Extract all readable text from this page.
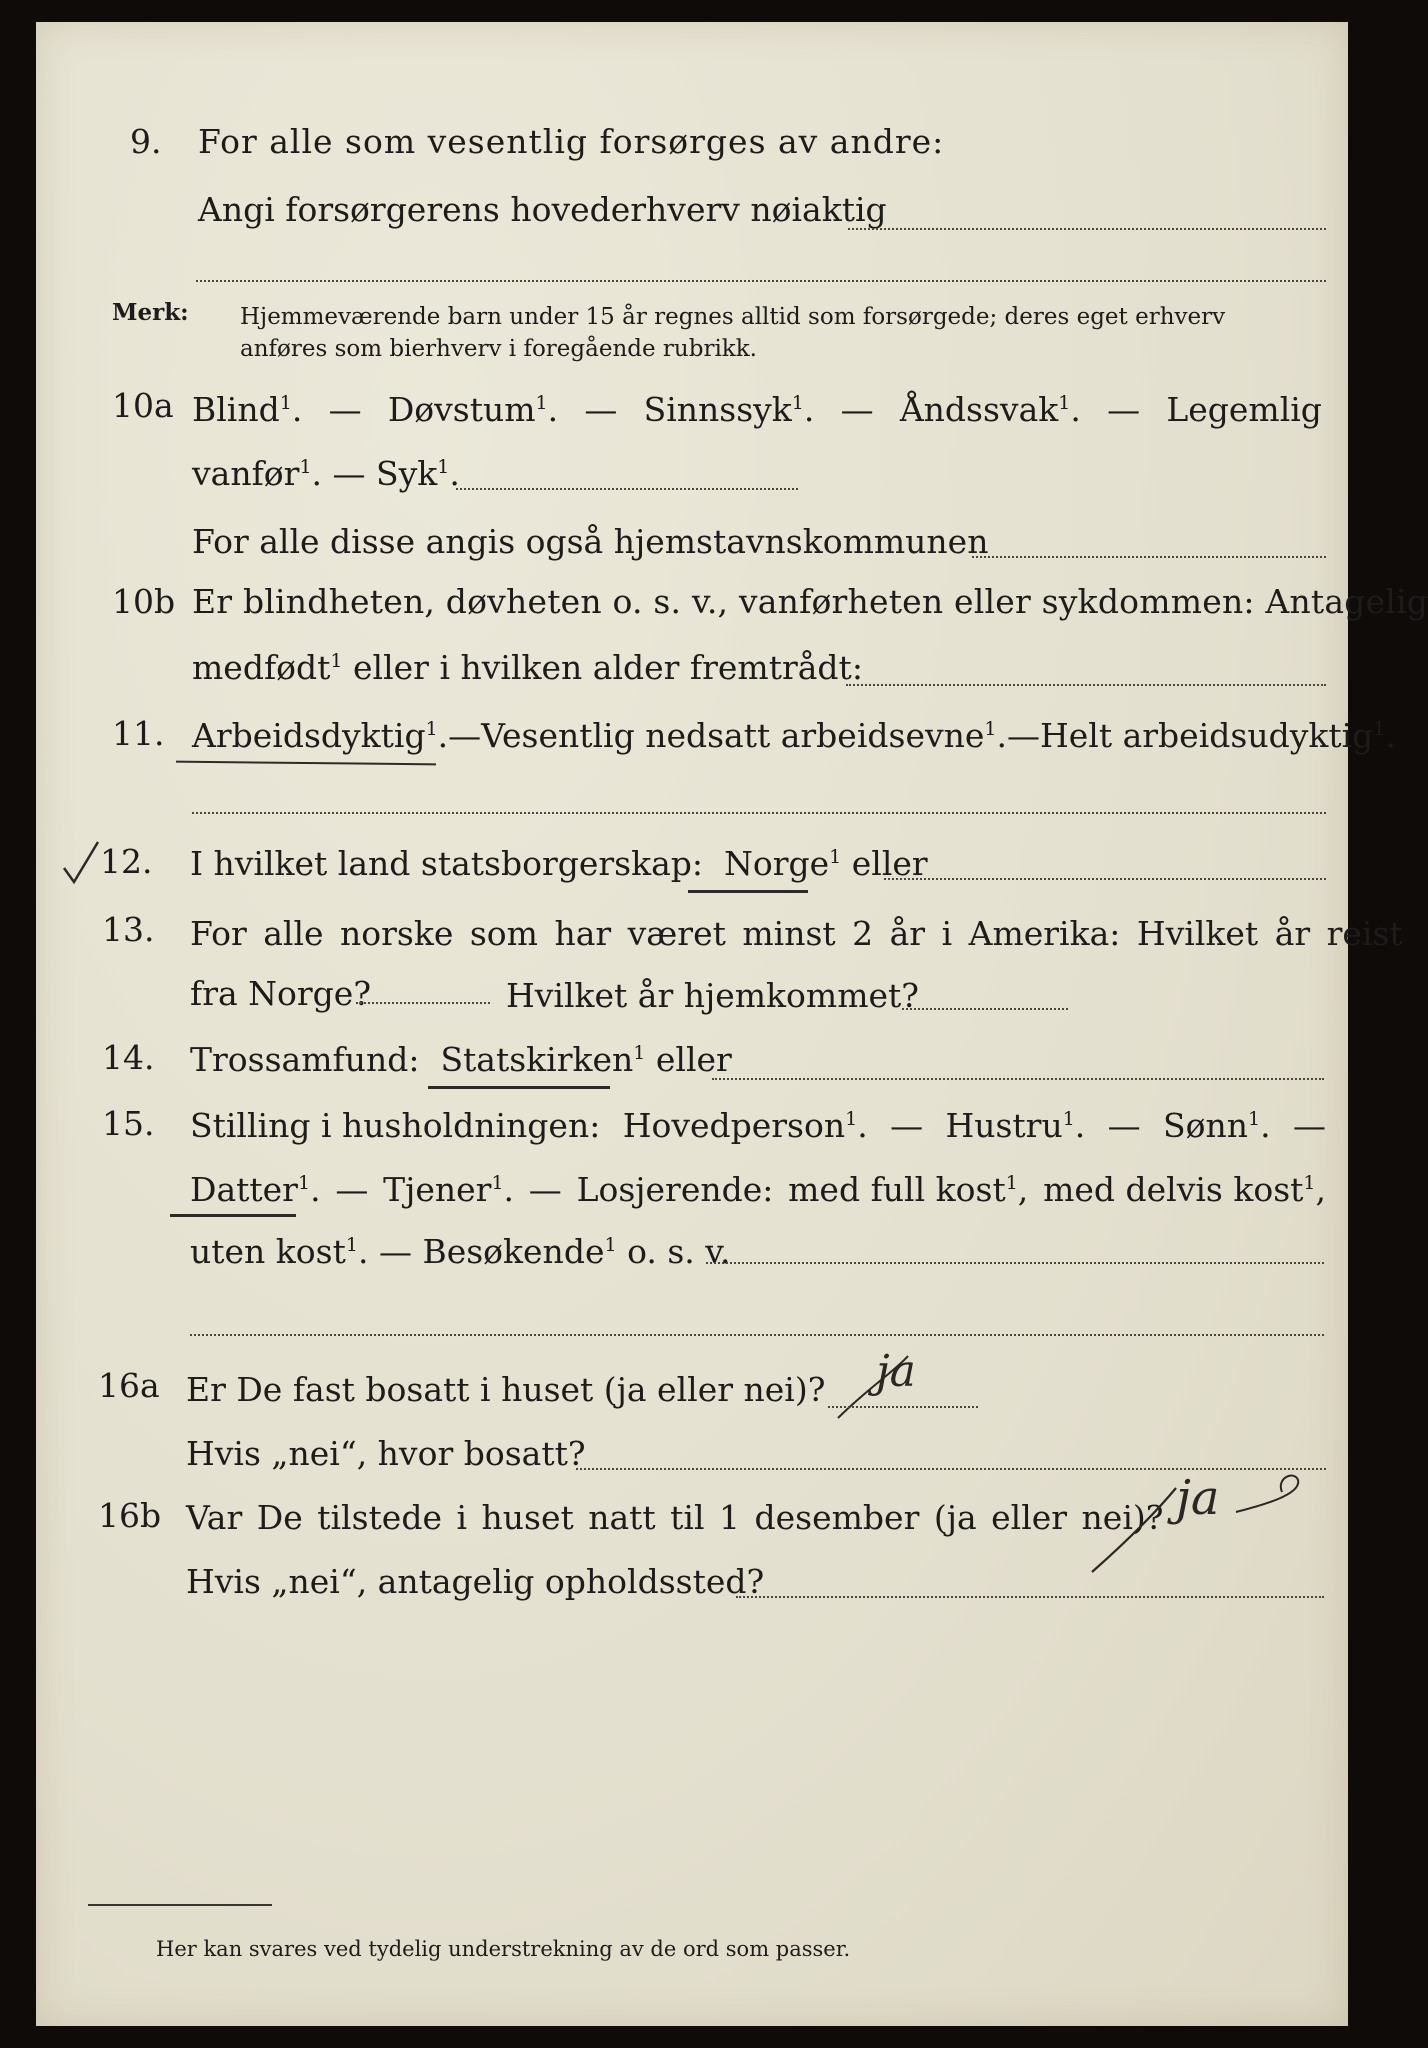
9. For alle som vesentlig forsørges av andre:
Angi forsørgerens hovederhverv nøiaktig
Merk: Hjemmeværende barn under 15 år regnes alltid som forsørgede; deres eget erhverv
anføres som bierhverv i foregående rubrikk.
10a Blind$^1$. — Døvstum$^1$. — Sinnssyk$^1$. — Åndssvak$^1$. — Legemlig
vanfør$^1$. — Syk$^1$.
For alle disse angis også hjemstavnskommunen
10b Er blindheten, døvheten o. s. v., vanførheten eller sykdommen: Antagelig
medfødt$^1$ eller i hvilken alder fremtrådt:
11. Arbeidsdyktig$^1$. — Vesentlig nedsatt arbeidsevne$^1$. — Helt arbeidsudyktig$^1$.
12. I hvilket land statsborgerskap: Norge$^1$ eller
13. For alle norske som har været minst 2 år i Amerika: Hvilket år reist
fra Norge?	Hvilket år hjemkommet?
14. Trossamfund: Statskirken$^1$ eller
15. Stilling i husholdningen: Hovedperson$^1$. — Hustru$^1$. — Sønn$^1$. —
Datter$^1$. — Tjener$^1$. — Losjerende: med full kost$^1$, med delvis kost$^1$,
uten kost$^1$. — Besøkende$^1$ o. s. v.
16a Er De fast bosatt i huset (ja eller nei)? ja
Hvis „nei“, hvor bosatt?
16b Var De tilstede i huset natt til 1 desember (ja eller nei)? ja
Hvis „nei“, antagelig opholdssted?
Her kan svares ved tydelig understrekning av de ord som passer.
